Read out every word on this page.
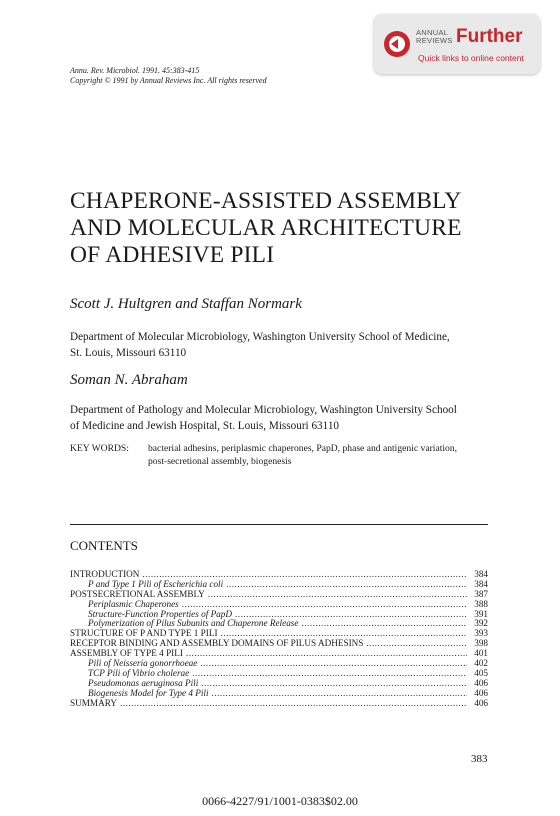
ANNUAL
REVIEWS Further
Quick links to online content
Annu. Rev. Microbiol. 1991. 45:383-415
Copyright © 1991 by Annual Reviews Inc. All rights reserved
CHAPERONE-ASSISTED ASSEMBLY
AND MOLECULAR ARCHITECTURE
OF ADHESIVE PILI
Scott J. Hultgren and Staffan Normark
Department of Molecular Microbiology, Washington University School of Medicine,
St. Louis, Missouri 63110
Soman N. Abraham
Department of Pathology and Molecular Microbiology, Washington University School
of Medicine and Jewish Hospital, St. Louis, Missouri 63110
KEY WORDS:	bacterial adhesins, periplasmic chaperones, PapD, phase and antigenic variation, post-secretional assembly, biogenesis
CONTENTS
INTRODUCTION .....	384
P and Type 1 Pili of Escherichia coli .....	384
POSTSECRETIONAL ASSEMBLY .....	387
Periplasmic Chaperones .....	388
Structure-Function Properties of PapD .....	391
Polymerization of Pilus Subunits and Chaperone Release .....	392
STRUCTURE OF P AND TYPE 1 PILI .....	393
RECEPTOR BINDING AND ASSEMBLY DOMAINS OF PILUS ADHESINS .....	398
ASSEMBLY OF TYPE 4 PILI .....	401
Pili of Neisseria gonorrhoeae .....	402
TCP Pili of Vibrio cholerae .....	405
Pseudomonas aeruginosa Pili .....	406
Biogenesis Model for Type 4 Pili .....	406
SUMMARY .....	406
383
0066-4227/91/1001-0383$02.00
